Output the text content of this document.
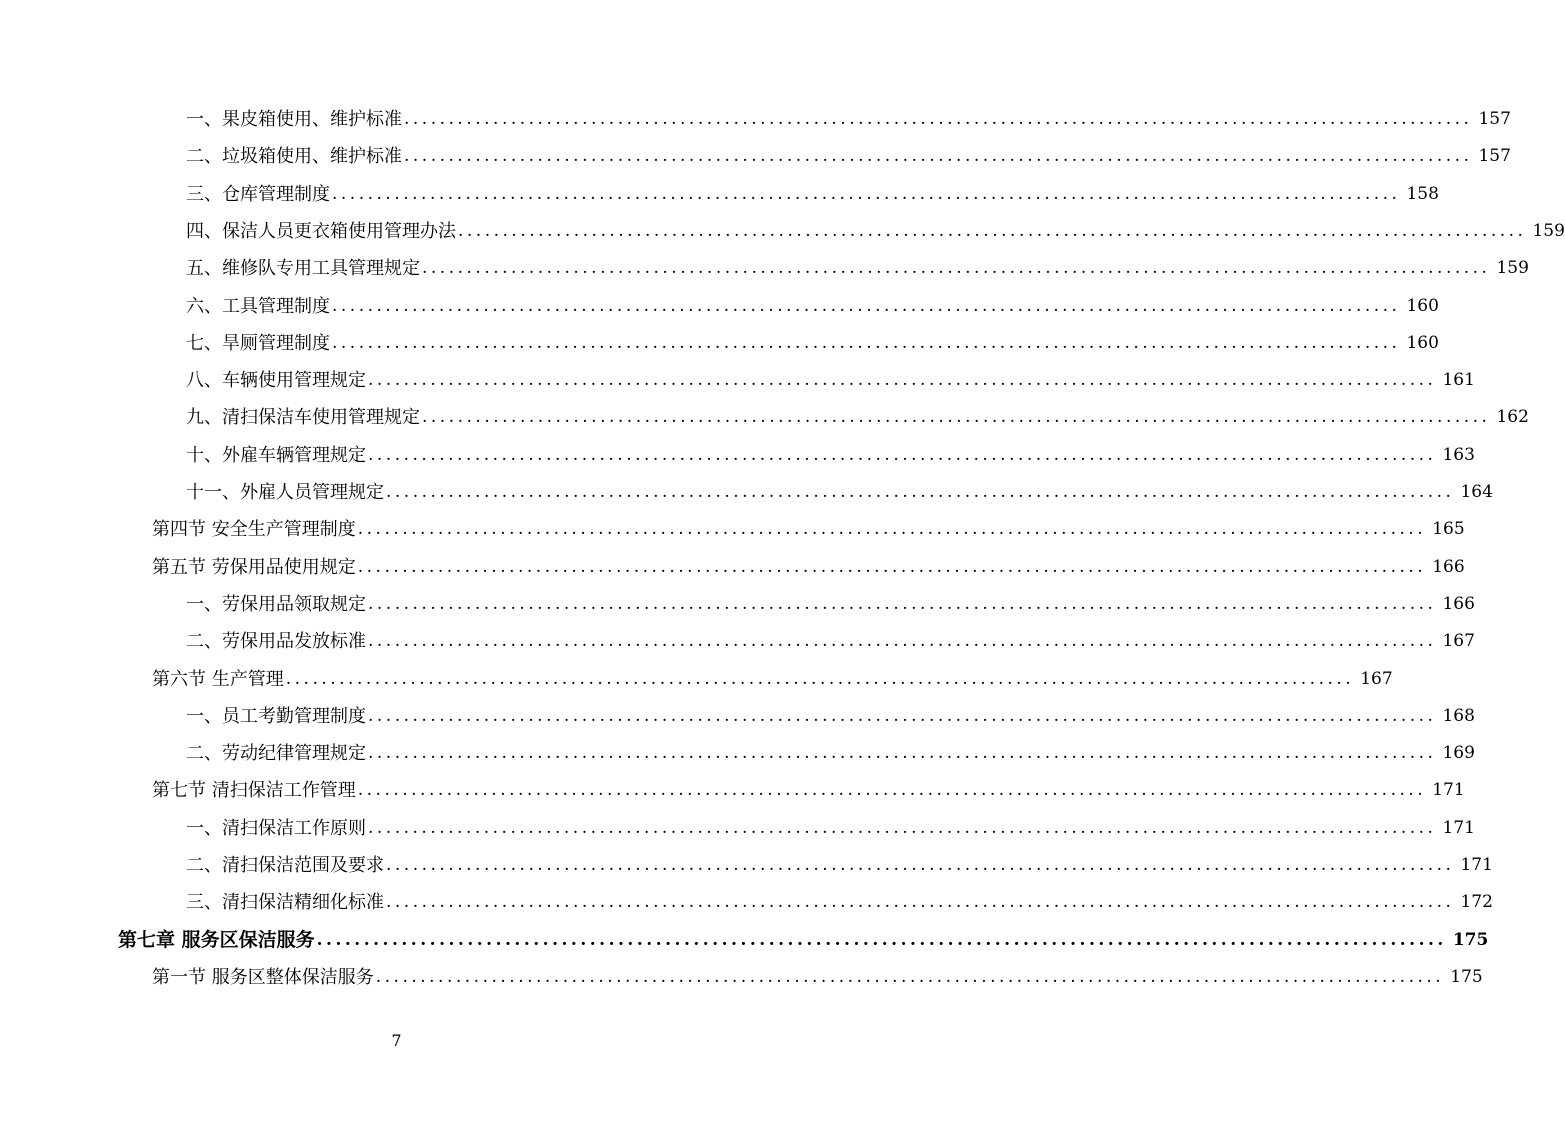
一、果皮箱使用、维护标准 ........................................................................................................................ 157
二、垃圾箱使用、维护标准 ........................................................................................................................ 157
三、仓库管理制度 ........................................................................................................................ 158
四、保洁人员更衣箱使用管理办法 ........................................................................................................................ 159
五、维修队专用工具管理规定 ........................................................................................................................ 159
六、工具管理制度 ........................................................................................................................ 160
七、旱厕管理制度 ........................................................................................................................ 160
八、车辆使用管理规定 ........................................................................................................................ 161
九、清扫保洁车使用管理规定 ........................................................................................................................ 162
十、外雇车辆管理规定 ........................................................................................................................ 163
十一、外雇人员管理规定 ........................................................................................................................ 164
第四节 安全生产管理制度 ........................................................................................................................ 165
第五节 劳保用品使用规定 ........................................................................................................................ 166
一、劳保用品领取规定 ........................................................................................................................ 166
二、劳保用品发放标准 ........................................................................................................................ 167
第六节 生产管理 ........................................................................................................................ 167
一、员工考勤管理制度 ........................................................................................................................ 168
二、劳动纪律管理规定 ........................................................................................................................ 169
第七节 清扫保洁工作管理 ........................................................................................................................ 171
一、清扫保洁工作原则 ........................................................................................................................ 171
二、清扫保洁范围及要求 ........................................................................................................................ 171
三、清扫保洁精细化标准 ........................................................................................................................ 172
第七章 服务区保洁服务 ........................................................................................................................ 175
第一节 服务区整体保洁服务 ........................................................................................................................ 175
7
